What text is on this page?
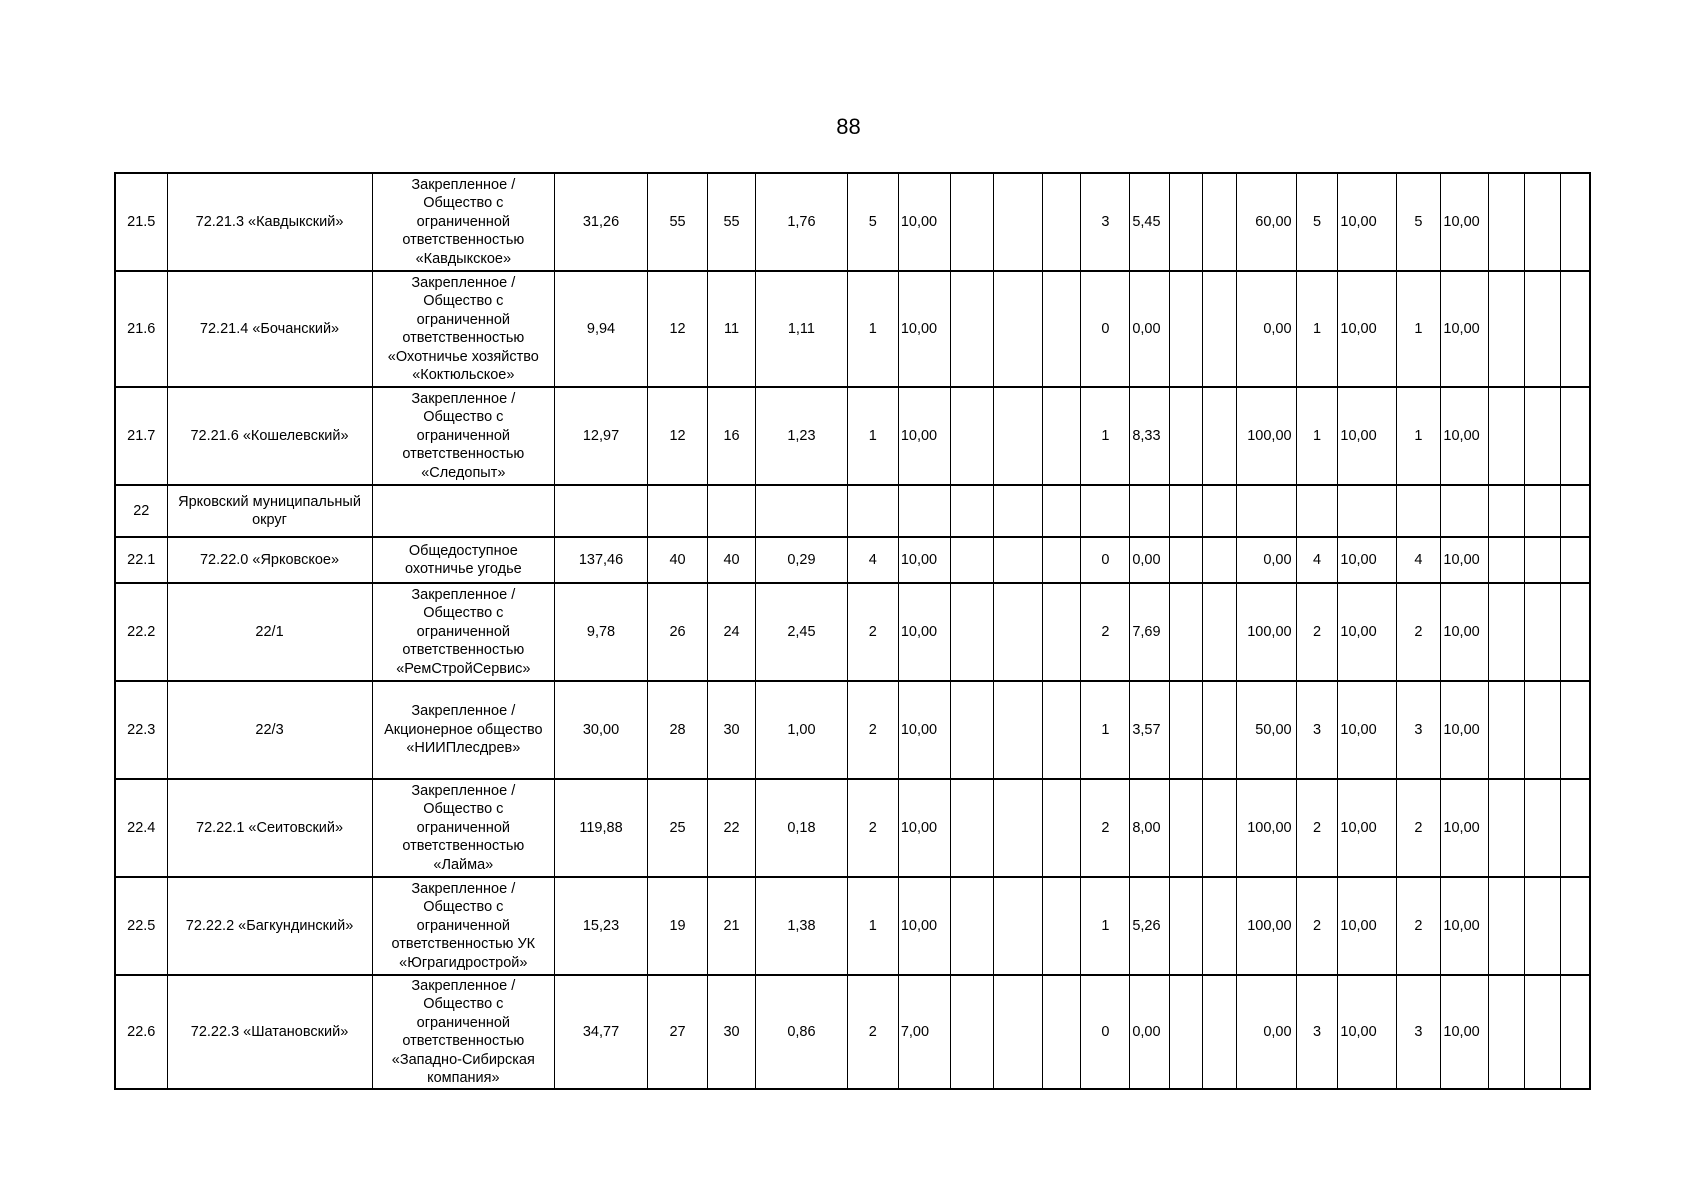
88
21.5	72.21.3 «Кавдыкский»	Закрепленное / Общество с ограниченной ответственностью «Кавдыкское»	31,26	55	55	1,76	5	10,00				3	5,45			60,00	5	10,00	5	10,00			
21.6	72.21.4 «Бочанский»	Закрепленное / Общество с ограниченной ответственностью «Охотничье хозяйство «Коктюльское»	9,94	12	11	1,11	1	10,00				0	0,00			0,00	1	10,00	1	10,00			
21.7	72.21.6 «Кошелевский»	Закрепленное / Общество с ограниченной ответственностью «Следопыт»	12,97	12	16	1,23	1	10,00				1	8,33			100,00	1	10,00	1	10,00			
22	Ярковский муниципальный округ																						
22.1	72.22.0 «Ярковское»	Общедоступное охотничье угодье	137,46	40	40	0,29	4	10,00				0	0,00			0,00	4	10,00	4	10,00			
22.2	22/1	Закрепленное / Общество с ограниченной ответственностью «РемСтройСервис»	9,78	26	24	2,45	2	10,00				2	7,69			100,00	2	10,00	2	10,00			
22.3	22/3	Закрепленное / Акционерное общество «НИИПлесдрев»	30,00	28	30	1,00	2	10,00				1	3,57			50,00	3	10,00	3	10,00			
22.4	72.22.1 «Сеитовский»	Закрепленное / Общество с ограниченной ответственностью «Лайма»	119,88	25	22	0,18	2	10,00				2	8,00			100,00	2	10,00	2	10,00			
22.5	72.22.2 «Багкундинский»	Закрепленное / Общество с ограниченной ответственностью УК «Юграгидрострой»	15,23	19	21	1,38	1	10,00				1	5,26			100,00	2	10,00	2	10,00			
22.6	72.22.3 «Шатановский»	Закрепленное / Общество с ограниченной ответственностью «Западно-Сибирская компания»	34,77	27	30	0,86	2	7,00				0	0,00			0,00	3	10,00	3	10,00			
